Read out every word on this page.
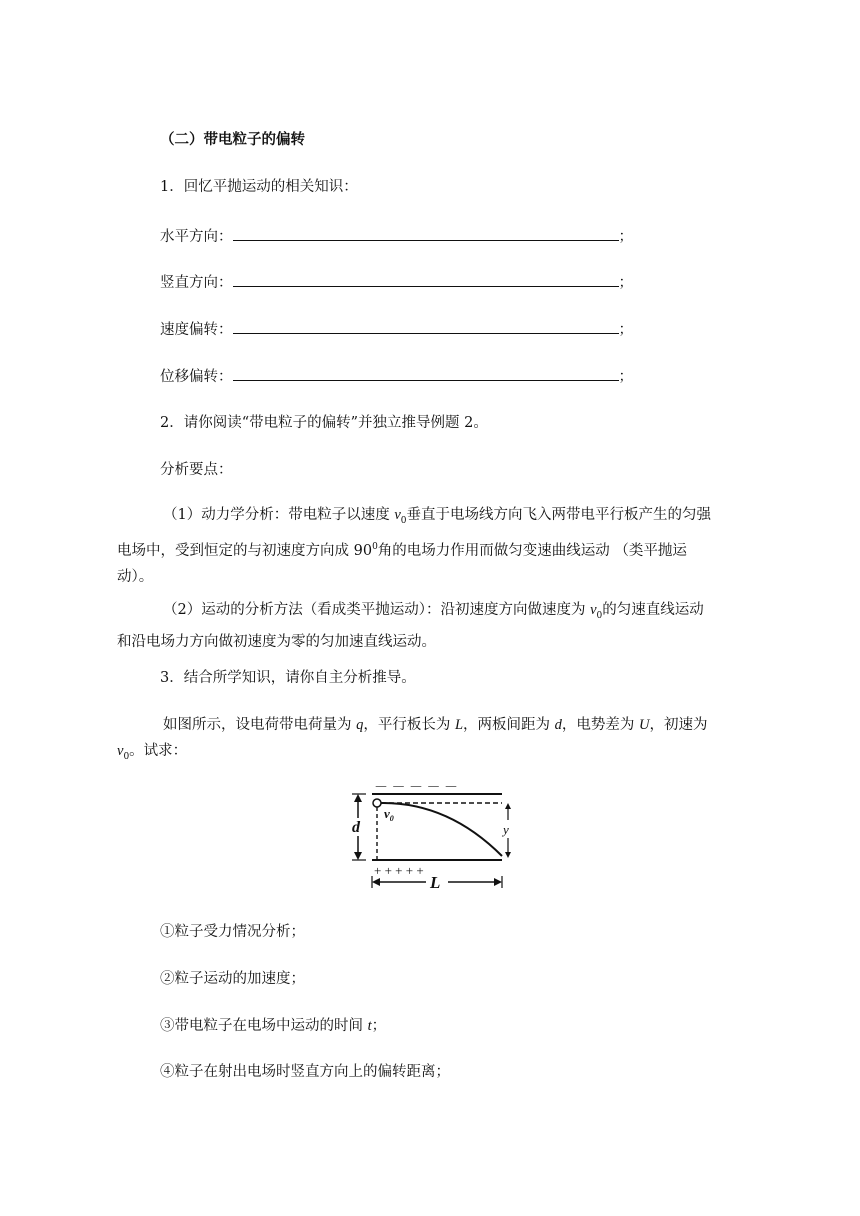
（二）带电粒子的偏转
1．回忆平抛运动的相关知识：
水平方向：	；
竖直方向：	；
速度偏转：	；
位移偏转：	；
2．请你阅读“带电粒子的偏转”并独立推导例题 2。
分析要点：
（1）动力学分析：带电粒子以速度 $v_0$垂直于电场线方向飞入两带电平行板产生的匀强
电场中，受到恒定的与初速度方向成 $90^0$角的电场力作用而做匀变速曲线运动 （类平抛运
动）。
（2）运动的分析方法（看成类平抛运动）：沿初速度方向做速度为 $v_0$的匀速直线运动
和沿电场力方向做初速度为零的匀加速直线运动。
3．结合所学知识，请你自主分析推导。
如图所示，设电荷带电荷量为 q，平行板长为 L，两板间距为 d，电势差为 U，初速为
$v_0$。试求：
－ － － － －
+ + + + +
d
$v_0$
y
L
①粒子受力情况分析；
②粒子运动的加速度；
③带电粒子在电场中运动的时间 t；
④粒子在射出电场时竖直方向上的偏转距离；
